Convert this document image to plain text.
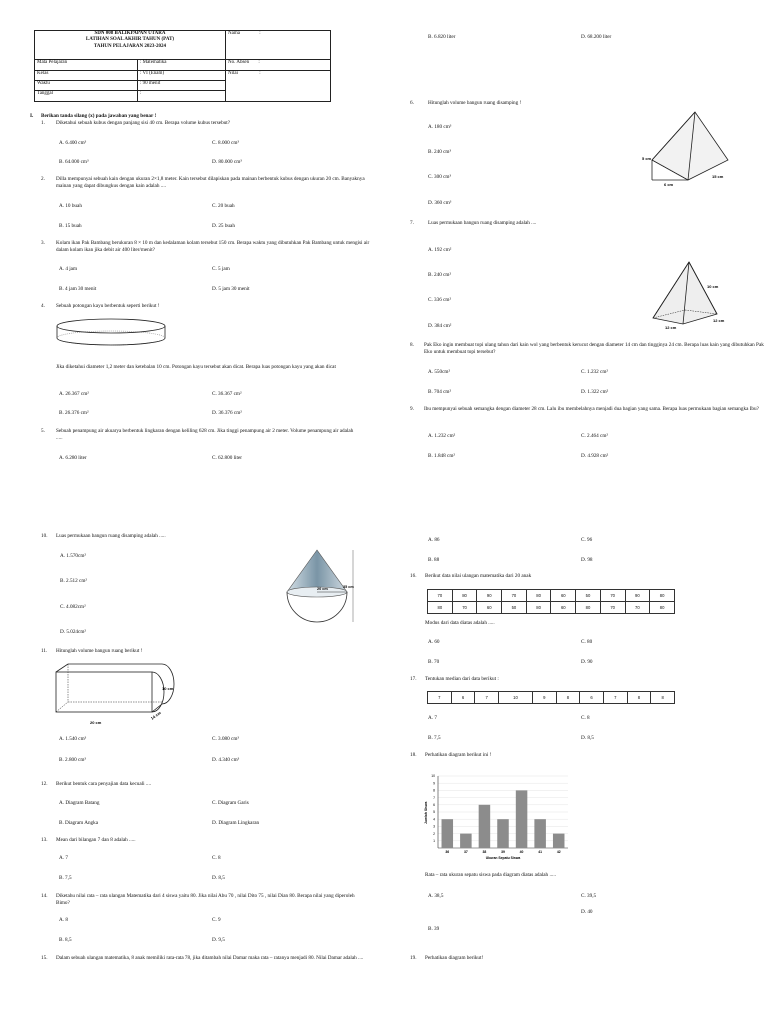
SDN 008 BALIKPAPAN UTARA
LATIHAN SOAL AKHIR TAHUN (PAT)
TAHUN PELAJARAN 2023-2024		Nama :
Mata Pelajaran	: Matematika	No. Absen :
Kelas	: VI (Enam)	Nilai :
Waktu	: 90 menit	
Tanggal	:	
I. Berikan tanda silang (x) pada jawaban yang benar !
1. Diketahui sebuah kubus dengan panjang sisi 40 cm. Berapa volume kubus tersebut?
A. 6.400 cm³	C. 8.000 cm³
B. 64.000 cm³	D. 80.000 cm³
2. Dilla mempunyai sebuah kain dengan ukuran 2×1,8 meter. Kain tersebut dilapiskan pada mainan berbentuk kubus dengan ukuran 20 cm. Banyaknya mainan yang dapat dibungkus dengan kain adalah ....
A. 10 buah	C. 20 buah
B. 15 buah	D. 25 buah
3. Kolam ikan Pak Bambang berukuran 8 × 10 m dan kedalaman kolam tersebut 150 cm. Berapa waktu yang dibutuhkan Pak Bambang untuk mengisi air dalam kolam ikan jika debit air 400 liter/menit?
A. 4 jam	C. 5 jam
B. 4 jam 30 menit	D. 5 jam 30 menit
4. Sebuah potongan kayu berbentuk seperti berikut !
Jika diketahui diameter 1,2 meter dan ketebalan 10 cm. Potongan kayu tersebut akan dicat. Berapa luas potongan kayu yang akan dicat
A. 26.367 cm²	C. 36.367 cm²
B. 26.376 cm²	D. 36.376 cm²
5. Sebuah penampung air akuarya berbentuk lingkaran dengan keliling 628 cm. Jika tinggi penampung air 2 meter. Volume penampung air adalah .....
A. 6.280 liter	C. 62.800 liter
B. 6.820 liter	D. 68.200 liter
6.	Hitunglah volume bangun ruang disamping !
A. 180 cm³
B. 240 cm³
C. 300 cm³
D. 360 cm³
5 cm
6 cm
15 cm
7.	Luas permukaan bangun ruang disamping adalah ....
A. 192 cm²
B. 240 cm²
C. 336 cm²
D. 384 cm²
10 cm
12 cm
12 cm
8. Pak Eko ingin membuat topi ulang tahun dari kain wol yang berbentuk kerucut dengan diameter 14 cm dan tingginya 24 cm. Berapa luas kain yang dibutuhkan Pak Eko untuk membuat topi tersebut?
A. 550cm²	C. 1.232 cm²
B. 704 cm²	D. 1.322 cm²
9. Ibu mempunyai sebuah semangka dengan diameter 28 cm. Lalu ibu membelahnya menjadi dua bagian yang sama. Berapa luas permukaan bagian semangka Ibu?
A. 1.232 cm²	C. 2.464 cm²
B. 1.848 cm²	D. 4.928 cm²
10. Luas permukaan bangun ruang disamping adalah .....
A. 1.570cm²
B. 2.512 cm²
C. 4.082cm²
D. 5.024cm²
20 cm	35 cm
11. Hitunglah volume bangun ruang berikut !
10 cm
20 cm
14 cm
A. 1.540 cm³	C. 3.080 cm³
B. 2.800 cm³	D. 4.340 cm³
12. Berikut bentuk cara penyajian data kecuali ....
A. Diagram Batang	C. Diagram Garis
B. Diagram Angka	D. Diagram Lingkaran
13. Mean dari bilangan 7 dan 8 adalah .....
A. 7	C. 8
B. 7,5	D. 8,5
14. Diketahu nilai rata – rata ulangan Matematika dari 4 siswa yaitu 80. Jika nilai Abu 70 , nilai Dito 75 , nilai Dian 80. Berapa nilai yang diperoleh Bimo?
A. 8	C. 9
B. 8,5	D. 9,5
15. Dalam sebuah ulangan matematika, 8 anak memiliki rata-rata 78, jika ditambah nilai Damar maka rata – ratanya menjadi 80. Nilai Damar adalah ....
A. 86	C. 96
B. 88	D. 98
16. Berikut data nilai ulangan matematika dari 20 anak
70	80	90	70	80	60	50	70	90	80
80	70	60	50	80	60	80	70	70	80
Modus dari data diatas adalah .....
A. 60	C. 80
B. 70	D. 90
17. Tentukan median dari data berikut :
7	6	7	10	9	8	6	7	8	8
A. 7	C. 8
B. 7,5	D. 8,5
18. Perhatikan diagram berikut ini !
Jumlah Siswa
Ukuran Sepatu Siswa
1
2
3
4
5
6
7
8
9
10
36	37	38	39	40	41	42
Rata – rata ukuran sepatu siswa pada diagram diatas adalah .....
A. 38,5	C. 39,5
D. 40
B. 39
19. Perhatikan diagram berikut!
